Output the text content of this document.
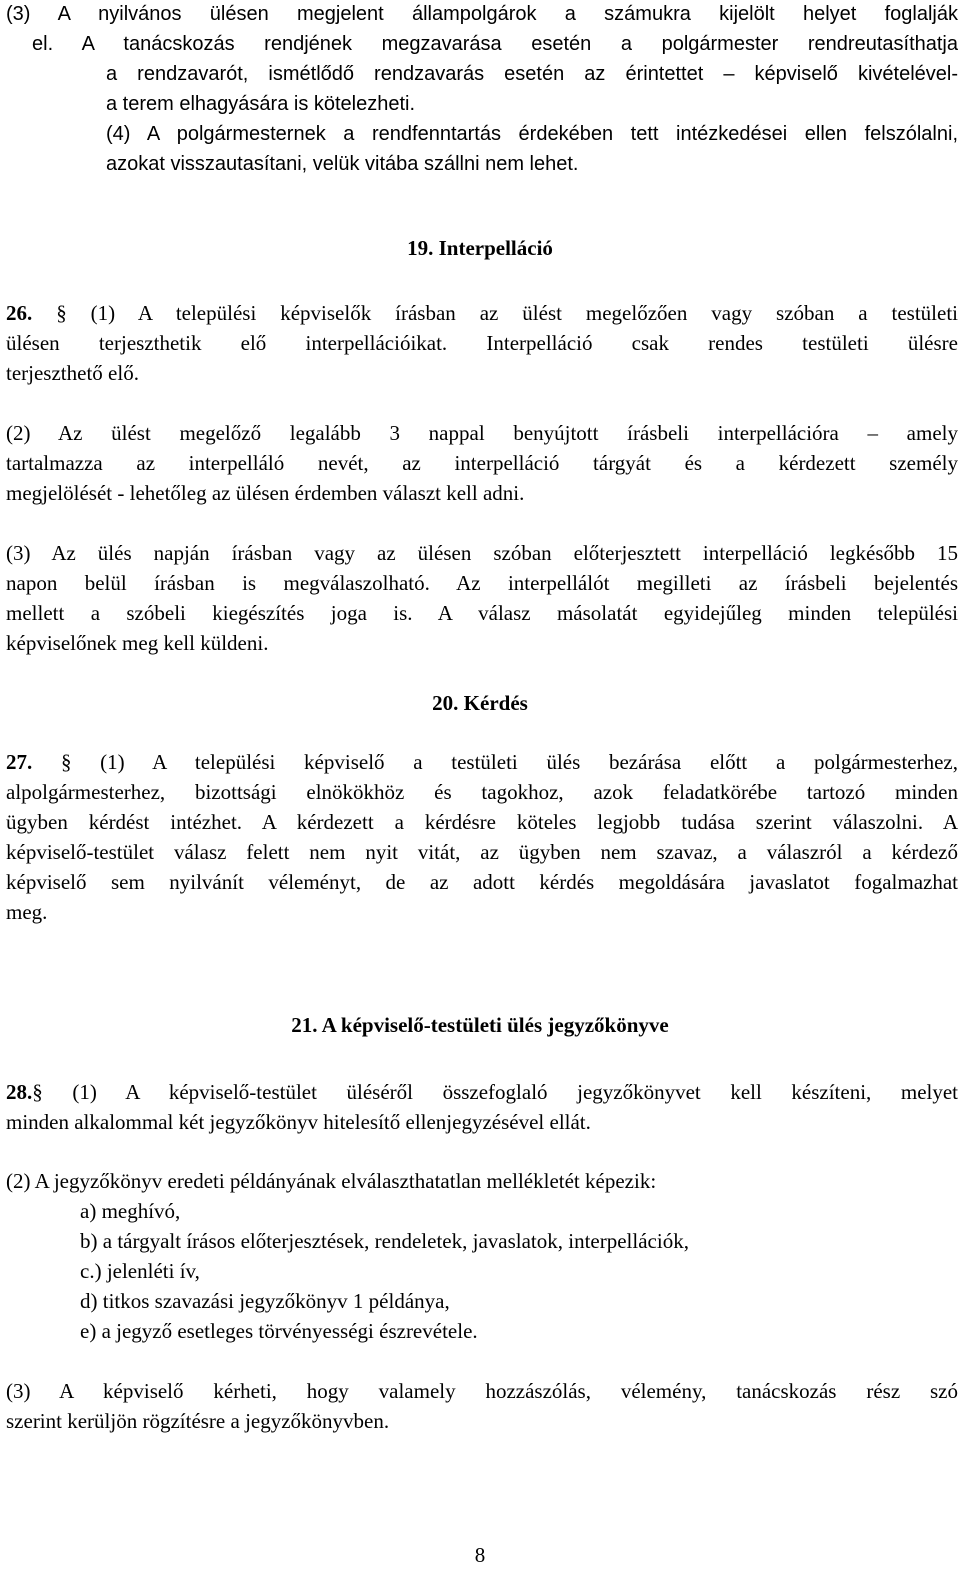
(3) A nyilvános ülésen megjelent állampolgárok a számukra kijelölt helyet foglalják
el. A tanácskozás rendjének megzavarása esetén a polgármester rendreutasíthatja
a rendzavarót, ismétlődő rendzavarás esetén az érintettet – képviselő kivételével-
a terem elhagyására is kötelezheti.
(4) A polgármesternek a rendfenntartás érdekében tett intézkedései ellen felszólalni,
azokat visszautasítani, velük vitába szállni nem lehet.
19. Interpelláció
26. § (1) A települési képviselők írásban az ülést megelőzően vagy szóban a testületi
ülésen terjeszthetik elő interpellációikat. Interpelláció csak rendes testületi ülésre
terjeszthető elő.
(2) Az ülést megelőző legalább 3 nappal benyújtott írásbeli interpellációra – amely
tartalmazza az interpelláló nevét, az interpelláció tárgyát és a kérdezett személy
megjelölését - lehetőleg az ülésen érdemben választ kell adni.
(3) Az ülés napján írásban vagy az ülésen szóban előterjesztett interpelláció legkésőbb 15
napon belül írásban is megválaszolható. Az interpellálót megilleti az írásbeli bejelentés
mellett a szóbeli kiegészítés joga is. A válasz másolatát egyidejűleg minden települési
képviselőnek meg kell küldeni.
20. Kérdés
27. § (1) A települési képviselő a testületi ülés bezárása előtt a polgármesterhez,
alpolgármesterhez, bizottsági elnökökhöz és tagokhoz, azok feladatkörébe tartozó minden
ügyben kérdést intézhet. A kérdezett a kérdésre köteles legjobb tudása szerint válaszolni. A
képviselő-testület válasz felett nem nyit vitát, az ügyben nem szavaz, a válaszról a kérdező
képviselő sem nyilvánít véleményt, de az adott kérdés megoldására javaslatot fogalmazhat
meg.
21. A képviselő-testületi ülés jegyzőkönyve
28.§ (1) A képviselő-testület üléséről összefoglaló jegyzőkönyvet kell készíteni, melyet
minden alkalommal két jegyzőkönyv hitelesítő ellenjegyzésével ellát.
(2) A jegyzőkönyv eredeti példányának elválaszthatatlan mellékletét képezik:
a) meghívó,
b) a tárgyalt írásos előterjesztések, rendeletek, javaslatok, interpellációk,
c.) jelenléti ív,
d) titkos szavazási jegyzőkönyv 1 példánya,
e) a jegyző esetleges törvényességi észrevétele.
(3) A képviselő kérheti, hogy valamely hozzászólás, vélemény, tanácskozás rész szó
szerint kerüljön rögzítésre a jegyzőkönyvben.
8
